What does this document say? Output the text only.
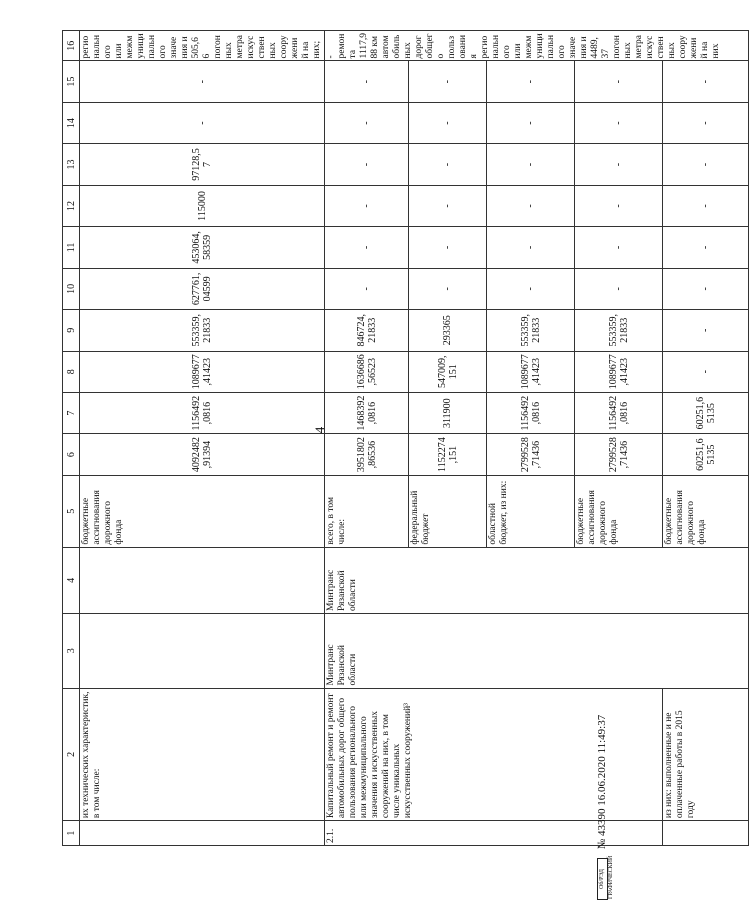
4
1	2	3	4	5	6	7	8	9	10	11	12	13	14	15	16
	их технических характеристик, в том числе:			бюджетные ассигнования дорожного фонда	4092482,91394	1156492,0816	1089677,41423	553359,21833	627761,04599	453064,58359	115000	97128,57	-	-	регионального или межмуниципального значения и 505,66 погонных метра искусственных сооружений на них;
2.1.	Капитальный ремонт и ремонт автомобильных дорог общего пользования регионального или межмуниципального значения и искусственных сооружений на них, в том числе уникальных искусственных сооружений³	Минтранс Рязанской области	Минтранс Рязанской области	всего, в том числе:	3951802,86536	1468392,0816	1636686,56523	846724,21833	-	-	-	-	-	-	- ремонта 1117,988 км автомобильных дорог общего пользования регионального или межмуниципального значения и 4489,37 погонных метра искусственных сооружений на них
				федеральный бюджет	1152274,151	311900	547009,151	293365	-	-	-	-	-	-	
				областной бюджет, из них:	2799528,71436	1156492,0816	1089677,41423	553359,21833	-	-	-	-	-	-	
				бюджетные ассигнования дорожного фонда	2799528,71436	1156492,0816	1089677,41423	553359,21833	-	-	-	-	-	-	
	из них: выполненные и не оплаченные работы в 2015 году			бюджетные ассигнования дорожного фонда	60251,65135	60251,65135	-	-	-	-	-	-	-	-	
Об/РЭД ГРАФИЧЕСКИЙ
№ 43390 16.06.2020 11:49:37
